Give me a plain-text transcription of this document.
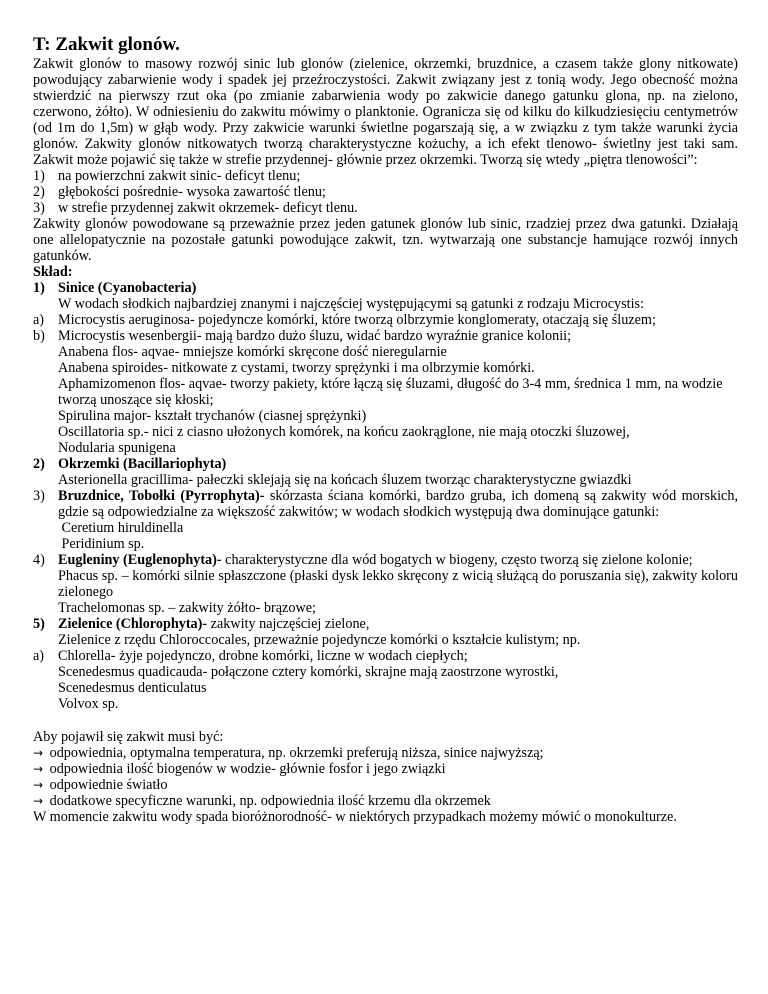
T: Zakwit glonów.

Zakwit glonów to masowy rozwój sinic lub glonów (zielenice, okrzemki, bruzdnice, a czasem także glony nitkowate) powodujący zabarwienie wody i spadek jej przeźroczystości. Zakwit związany jest z tonią wody. Jego obecność można stwierdzić na pierwszy rzut oka (po zmianie zabarwienia wody po zakwicie danego gatunku glona, np. na zielono, czerwono, żółto). W odniesieniu do zakwitu mówimy o planktonie. Ogranicza się od kilku do kilkudziesięciu centymetrów (od 1m do 1,5m) w głąb wody. Przy zakwicie warunki świetlne pogarszają się, a w związku z tym także warunki życia glonów. Zakwity glonów nitkowatych tworzą charakterystyczne kożuchy, a ich efekt tlenowo- świetlny jest taki sam. Zakwit może pojawić się także w strefie przydennej- głównie przez okrzemki. Tworzą się wtedy „piętra tlenowości”:

1) na powierzchni zakwit sinic- deficyt tlenu;
2) głębokości pośrednie- wysoka zawartość tlenu;
3) w strefie przydennej zakwit okrzemek- deficyt tlenu.

Zakwity glonów powodowane są przeważnie przez jeden gatunek glonów lub sinic, rzadziej przez dwa gatunki. Działają one allelopatycznie na pozostałe gatunki powodujące zakwit, tzn. wytwarzają one substancje hamujące rozwój innych gatunków.

Skład:

1) Sinice (Cyanobacteria)

W wodach słodkich najbardziej znanymi i najczęściej występującymi są gatunki z rodzaju Microcystis:

a) Microcystis aeruginosa- pojedyncze komórki, które tworzą olbrzymie konglomeraty, otaczają się śluzem;
b) Microcystis wesenbergii- mają bardzo dużo śluzu, widać bardzo wyraźnie granice kolonii;

Anabena flos- aqvae- mniejsze komórki skręcone dość nieregularnie

Anabena spiroides- nitkowate z cystami, tworzy sprężynki i ma olbrzymie komórki.

Aphamizomenon flos- aqvae- tworzy pakiety, które łączą się śluzami, długość do 3-4 mm, średnica 1 mm, na wodzie tworzą unoszące się kłoski;

Spirulina major- kształt trychanów (ciasnej sprężynki)

Oscillatoria sp.- nici z ciasno ułożonych komórek, na końcu zaokrąglone, nie mają otoczki śluzowej,

Nodularia spunigena

2) Okrzemki (Bacillariophyta)

Asterionella gracillima- pałeczki sklejają się na końcach śluzem tworząc charakterystyczne gwiazdki

3) Bruzdnice, Tobołki (Pyrrophyta)- skórzasta ściana komórki, bardzo gruba, ich domeną są zakwity wód morskich, gdzie są odpowiedzialne za większość zakwitów; w wodach słodkich występują dwa dominujące gatunki:

Ceretium hiruldinella

Peridinium sp.

4) Eugleniny (Euglenophyta)- charakterystyczne dla wód bogatych w biogeny, często tworzą się zielone kolonie;

Phacus sp. – komórki silnie spłaszczone (płaski dysk lekko skręcony z wicią służącą do poruszania się), zakwity koloru zielonego

Trachelomonas sp. – zakwity żółto- brązowe;

5) Zielenice (Chlorophyta)- zakwity najczęściej zielone,

Zielenice z rzędu Chloroccocales, przeważnie pojedyncze komórki o kształcie kulistym; np.

a) Chlorella- żyje pojedynczo, drobne komórki, liczne w wodach ciepłych;

Scenedesmus quadicauda- połączone cztery komórki, skrajne mają zaostrzone wyrostki,

Scenedesmus denticulatus

Volvox sp.

Aby pojawił się zakwit musi być:

→ odpowiednia, optymalna temperatura, np. okrzemki preferują niższa, sinice najwyższą;

→ odpowiednia ilość biogenów w wodzie- głównie fosfor i jego związki

→ odpowiednie światło

→ dodatkowe specyficzne warunki, np. odpowiednia ilość krzemu dla okrzemek

W momencie zakwitu wody spada bioróżnorodność- w niektórych przypadkach możemy mówić o monokulturze.
